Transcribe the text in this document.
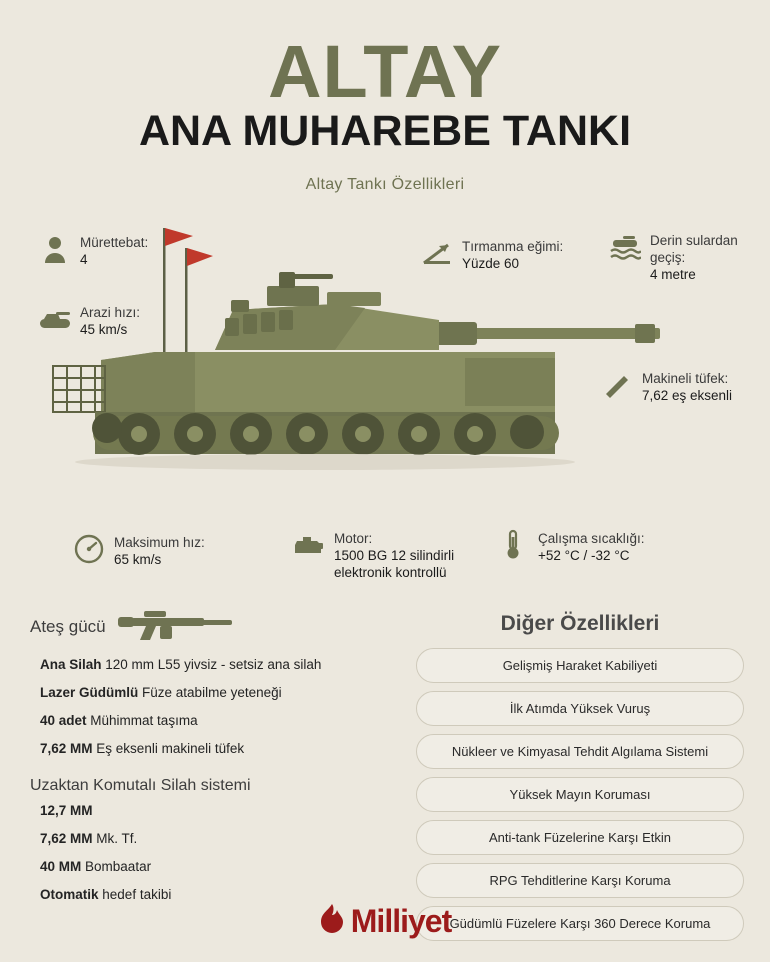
ALTAY
ANA MUHAREBE TANKI
Altay Tankı Özellikleri
Mürettebat:
4
Arazi hızı:
45 km/s
Tırmanma eğimi:
Yüzde 60
Derin sulardan geçiş:
4 metre
Makineli tüfek:
7,62 eş eksenli
Maksimum hız:
65 km/s
Motor:
1500 BG 12 silindirli elektronik kontrollü
Çalışma sıcaklığı:
+52 °C / -32 °C
Ateş gücü
Ana Silah 120 mm L55 yivsiz - setsiz ana silah
Lazer Güdümlü Füze atabilme yeteneği
40 adet Mühimmat taşıma
7,62 MM Eş eksenli makineli tüfek
Uzaktan Komutalı Silah sistemi
12,7 MM
7,62 MM Mk. Tf.
40 MM Bombaatar
Otomatik hedef takibi
Diğer Özellikleri
Gelişmiş Haraket Kabiliyeti
İlk Atımda Yüksek Vuruş
Nükleer ve Kimyasal Tehdit Algılama Sistemi
Yüksek Mayın Koruması
Anti-tank Füzelerine Karşı Etkin
RPG Tehditlerine Karşı Koruma
Güdümlü Füzelere Karşı 360 Derece Koruma
Milliyet
